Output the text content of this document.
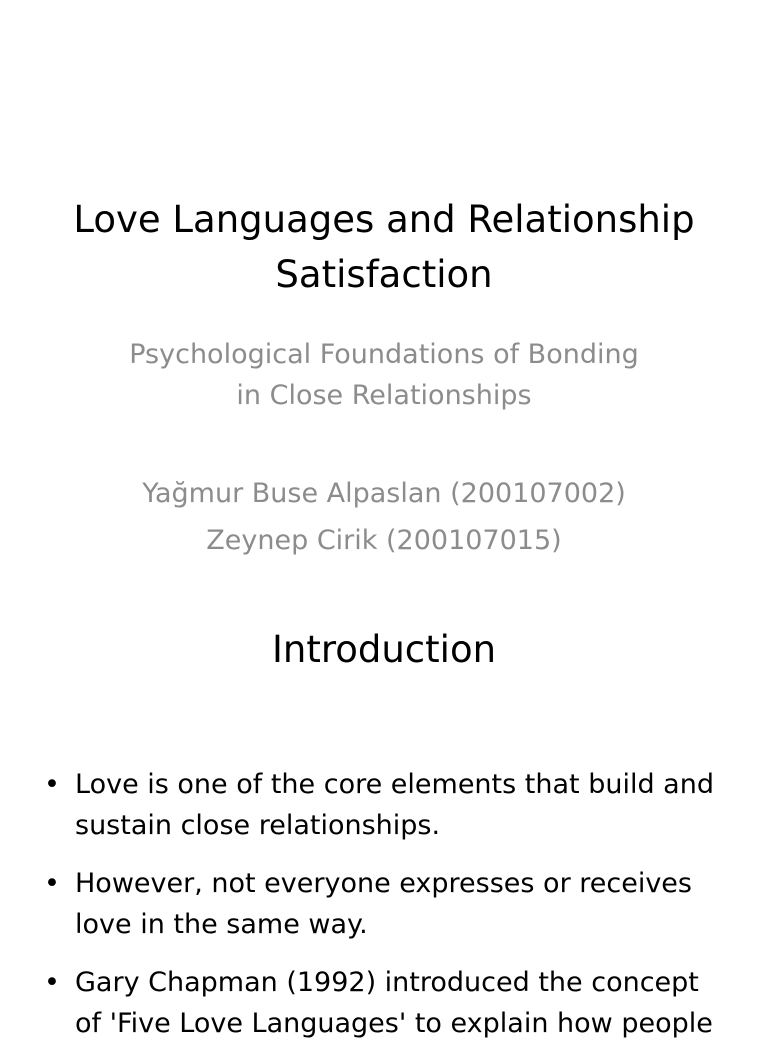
Love Languages and Relationship
Satisfaction
Psychological Foundations of Bonding
in Close Relationships
Yağmur Buse Alpaslan (200107002)
Zeynep Cirik (200107015)
Introduction
• Love is one of the core elements that build and sustain close relationships.
• However, not everyone expresses or receives love in the same way.
• Gary Chapman (1992) introduced the concept of 'Five Love Languages' to explain how people
